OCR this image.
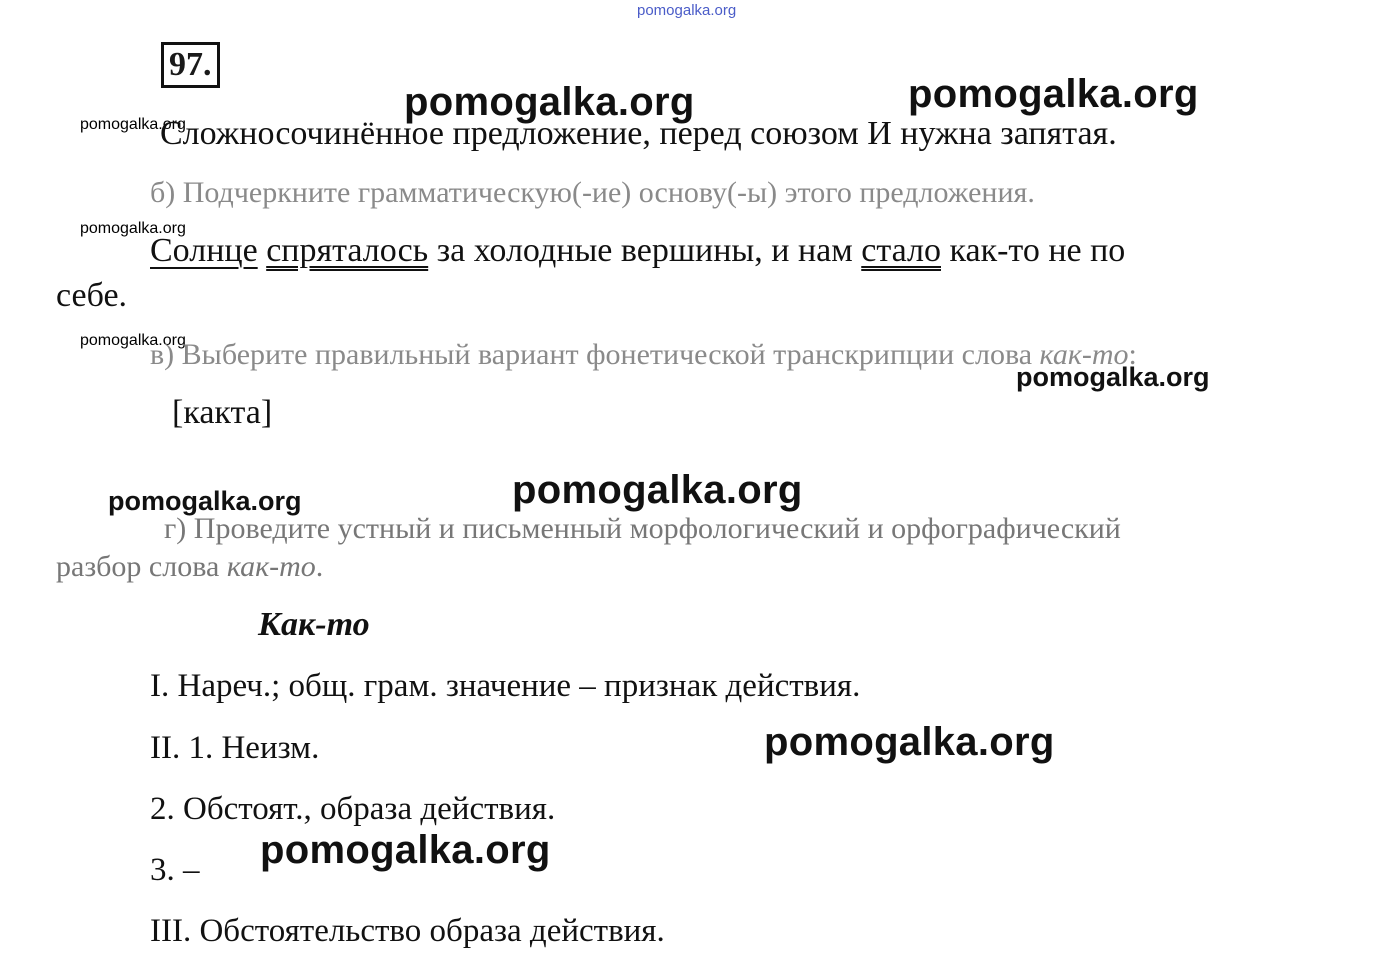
pomogalka.org
97.
pomogalka.org	pomogalka.org
pomogalka.org
Сложносочинённое предложение, перед союзом И нужна запятая.
б) Подчеркните грамматическую(-ие) основу(-ы) этого предложения.
pomogalka.org
Солнце спряталось за холодные вершины, и нам стало как-то не по
себе.
pomogalka.org
в) Выберите правильный вариант фонетической транскрипции слова как-то:
pomogalka.org
[какта]
pomogalka.org	pomogalka.org
г) Проведите устный и письменный морфологический и орфографический
разбор слова как-то.
Как-то
I. Нареч.; общ. грам. значение – признак действия.
II. 1. Неизм.	pomogalka.org
2. Обстоят., образа действия.
3. – pomogalka.org
III. Обстоятельство образа действия.
